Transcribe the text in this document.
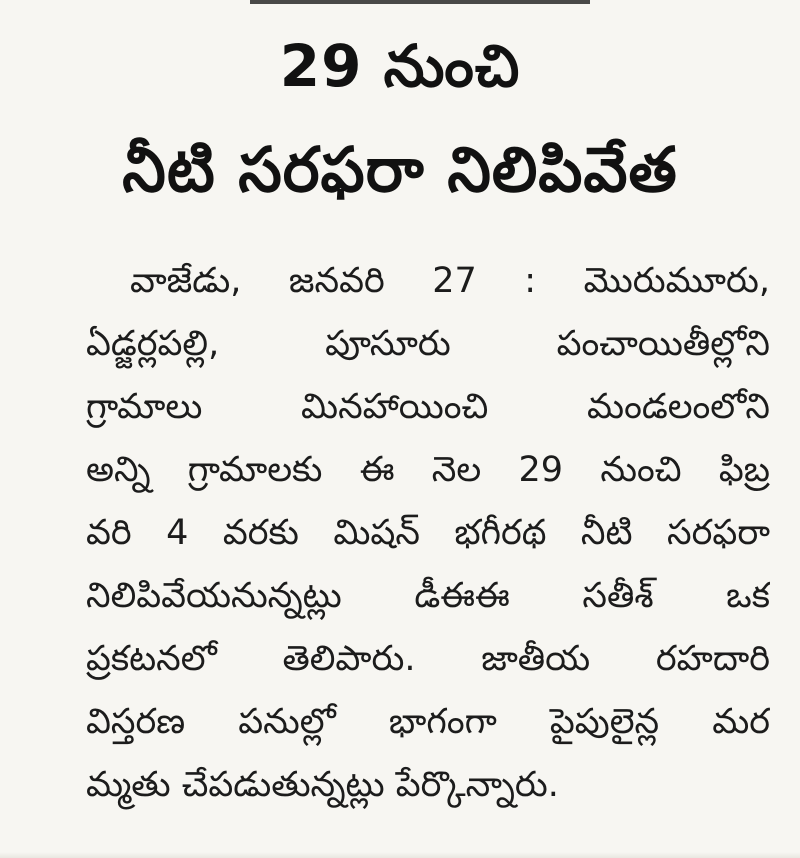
29 నుంచి
నీటి సరఫరా నిలిపివేత
వాజేడు, జనవరి 27 : మొరుమూరు,
ఏడ్జర్లపల్లి, పూసూరు పంచాయితీల్లోని
గ్రామాలు మినహాయించి మండలంలోని
అన్ని గ్రామాలకు ఈ నెల 29 నుంచి ఫిబ్ర
వరి 4 వరకు మిషన్ భగీరథ నీటి సరఫరా
నిలిపివేయనున్నట్లు డీఈఈ సతీశ్ ఒక
ప్రకటనలో తెలిపారు. జాతీయ రహదారి
విస్తరణ పనుల్లో భాగంగా పైపులైన్ల మర
మ్మతు చేపడుతున్నట్లు పేర్కొన్నారు.
